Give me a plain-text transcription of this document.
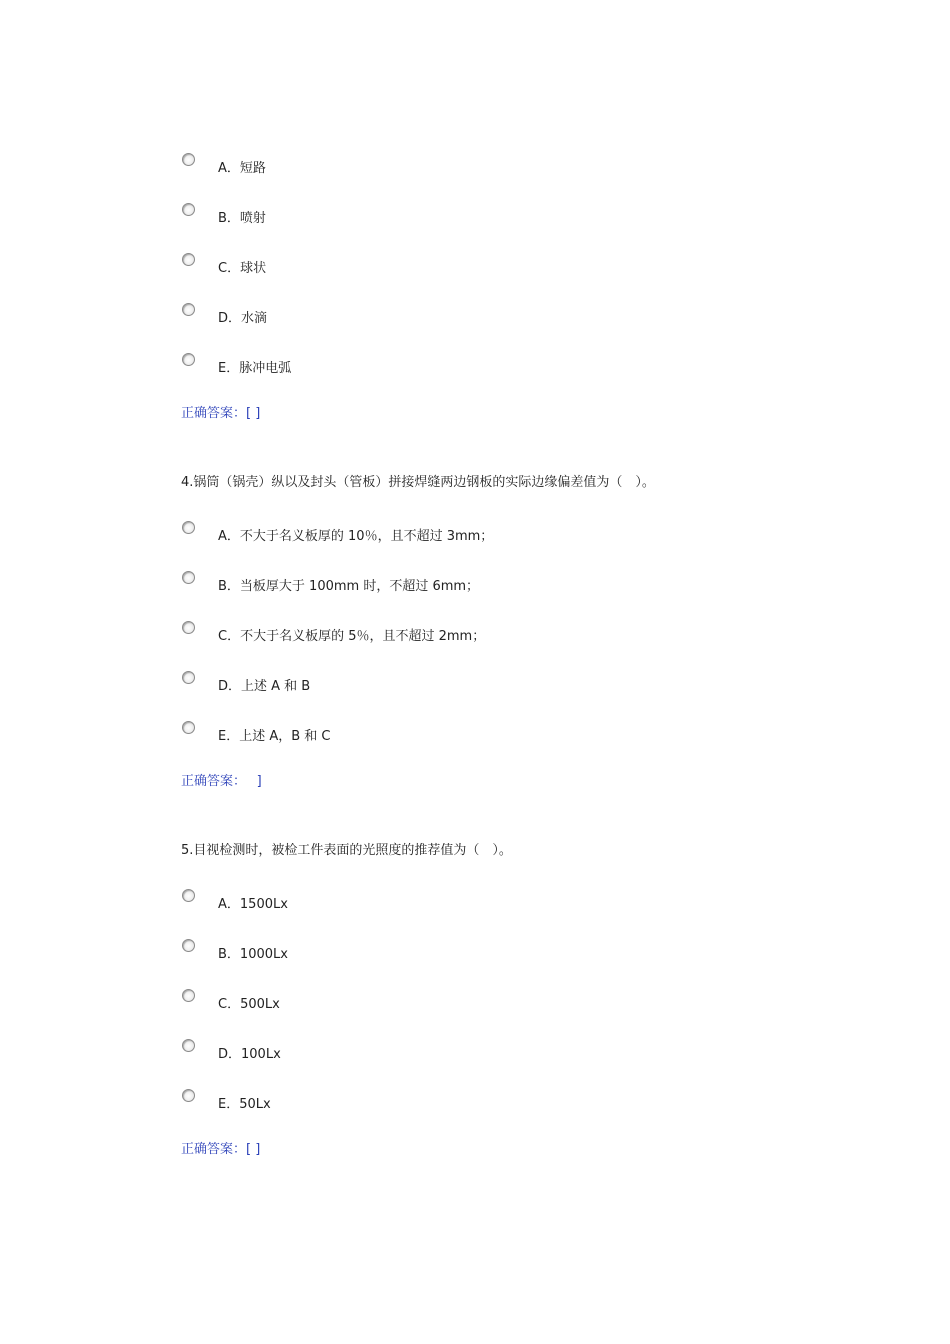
A．短路
B．喷射
C．球状
D．水滴
E．脉冲电弧
正确答案：[ ]
4.锅筒（锅壳）纵以及封头（管板）拼接焊缝两边钢板的实际边缘偏差值为（　）。
A．不大于名义板厚的 10％，且不超过 3mm；
B．当板厚大于 100mm 时，不超过 6mm；
C．不大于名义板厚的 5％，且不超过 2mm；
D．上述 A 和 B
E．上述 A，B 和 C
正确答案：　 ]
5.目视检测时，被检工件表面的光照度的推荐值为（　）。
A．1500Lx
B．1000Lx
C．500Lx
D．100Lx
E．50Lx
正确答案：[ ]
